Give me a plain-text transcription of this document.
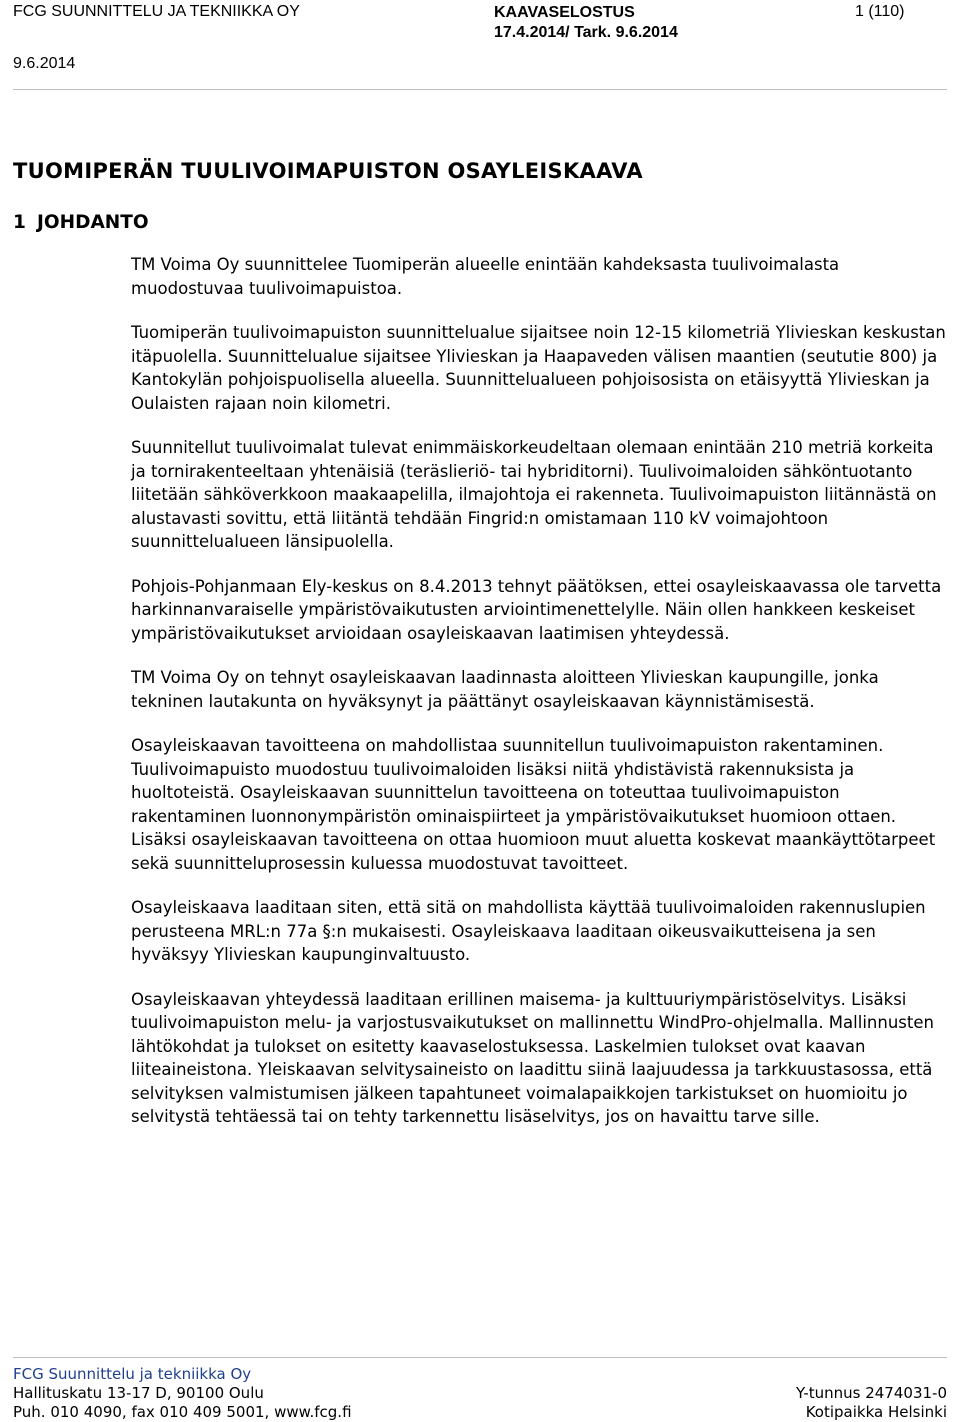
FCG SUUNNITTELU JA TEKNIIKKA OY	KAAVASELOSTUS
17.4.2014/ Tark. 9.6.2014
1 (110)
9.6.2014
TUOMIPERÄN TUULIVOIMAPUISTON OSAYLEISKAAVA
1 JOHDANTO

TM Voima Oy suunnittelee Tuomiperän alueelle enintään kahdeksasta tuulivoimalasta muodostuvaa tuulivoimapuistoa.

Tuomiperän tuulivoimapuiston suunnittelualue sijaitsee noin 12-15 kilometriä Ylivieskan keskustan itäpuolella. Suunnittelualue sijaitsee Ylivieskan ja Haapaveden välisen maantien (seututie 800) ja Kantokylän pohjoispuolisella alueella. Suunnittelualueen pohjoisosista on etäisyyttä Ylivieskan ja Oulaisten rajaan noin kilometri.

Suunnitellut tuulivoimalat tulevat enimmäiskorkeudeltaan olemaan enintään 210 metriä korkeita ja tornirakenteeltaan yhtenäisiä (teräslieriö- tai hybriditorni). Tuulivoimaloiden sähköntuotanto liitetään sähköverkkoon maakaapelilla, ilmajohtoja ei rakenneta. Tuulivoimapuiston liitännästä on alustavasti sovittu, että liitäntä tehdään Fingrid:n omistamaan 110 kV voimajohtoon suunnittelualueen länsipuolella.

Pohjois-Pohjanmaan Ely-keskus on 8.4.2013 tehnyt päätöksen, ettei osayleiskaavassa ole tarvetta harkinnanvaraiselle ympäristövaikutusten arviointimenettelylle. Näin ollen hankkeen keskeiset ympäristövaikutukset arvioidaan osayleiskaavan laatimisen yhteydessä.

TM Voima Oy on tehnyt osayleiskaavan laadinnasta aloitteen Ylivieskan kaupungille, jonka tekninen lautakunta on hyväksynyt ja päättänyt osayleiskaavan käynnistämisestä.

Osayleiskaavan tavoitteena on mahdollistaa suunnitellun tuulivoimapuiston rakentaminen. Tuulivoimapuisto muodostuu tuulivoimaloiden lisäksi niitä yhdistävistä rakennuksista ja huoltoteistä. Osayleiskaavan suunnittelun tavoitteena on toteuttaa tuulivoimapuiston rakentaminen luonnonympäristön ominaispiirteet ja ympäristövaikutukset huomioon ottaen. Lisäksi osayleiskaavan tavoitteena on ottaa huomioon muut aluetta koskevat maankäyttötarpeet sekä suunnitteluprosessin kuluessa muodostuvat tavoitteet.

Osayleiskaava laaditaan siten, että sitä on mahdollista käyttää tuulivoimaloiden rakennuslupien perusteena MRL:n 77a §:n mukaisesti. Osayleiskaava laaditaan oikeusvaikutteisena ja sen hyväksyy Ylivieskan kaupunginvaltuusto.

Osayleiskaavan yhteydessä laaditaan erillinen maisema- ja kulttuuriympäristöselvitys. Lisäksi tuulivoimapuiston melu- ja varjostusvaikutukset on mallinnettu WindPro-ohjelmalla. Mallinnusten lähtökohdat ja tulokset on esitetty kaavaselostuksessa. Laskelmien tulokset ovat kaavan liiteaineistona. Yleiskaavan selvitysaineisto on laadittu siinä laajuudessa ja tarkkuustasossa, että selvityksen valmistumisen jälkeen tapahtuneet voimalapaikkojen tarkistukset on huomioitu jo selvitystä tehtäessä tai on tehty tarkennettu lisäselvitys, jos on havaittu tarve sille.

FCG Suunnittelu ja tekniikka Oy
Hallituskatu 13-17 D, 90100 Oulu	Y-tunnus 2474031-0
Puh. 010 4090, fax 010 409 5001, www.fcg.fi	Kotipaikka Helsinki
